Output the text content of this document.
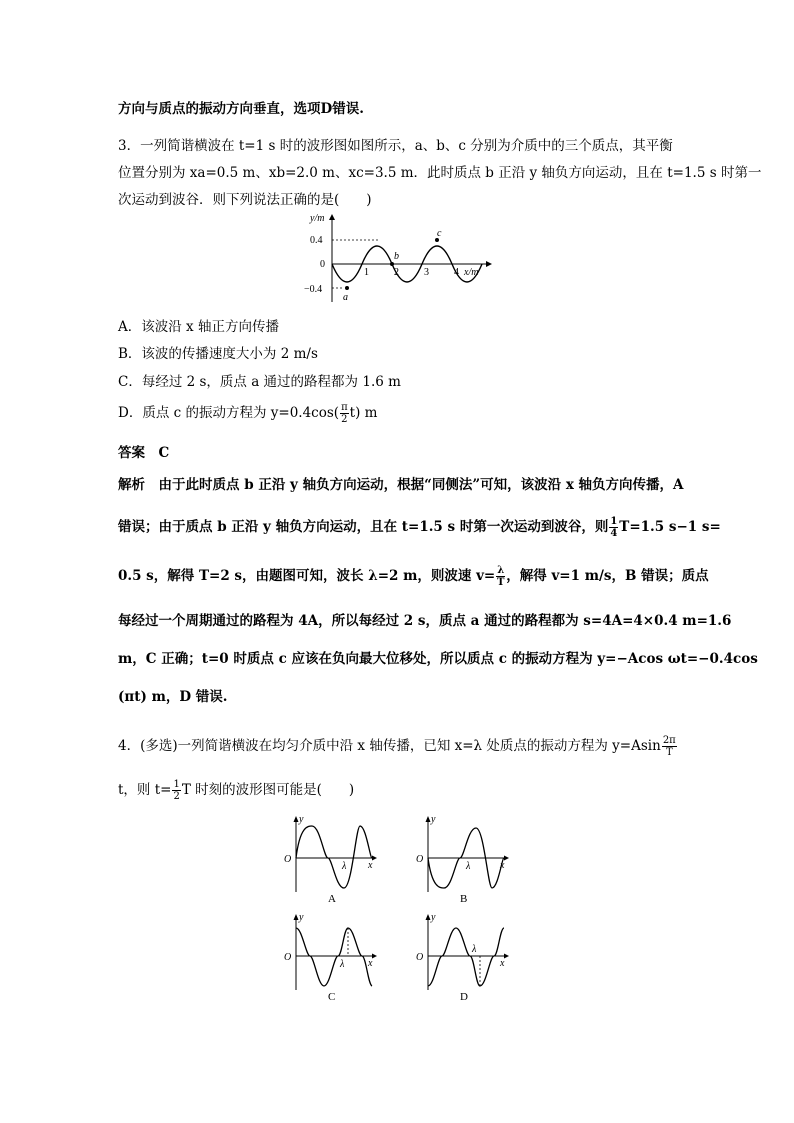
方向与质点的振动方向垂直，选项D错误.
3．一列简谐横波在 t=1 s 时的波形图如图所示，a、b、c 分别为介质中的三个质点，其平衡
位置分别为 xa=0.5 m、xb=2.0 m、xc=3.5 m．此时质点 b 正沿 y 轴负方向运动，且在 t=1.5 s 时第一
次运动到波谷．则下列说法正确的是(　　)
y/m
0.4
0
−0.4
1	2	3	4 x/m
a
b
c
A．该波沿 x 轴正方向传播
B．该波的传播速度大小为 2 m/s
C．每经过 2 s，质点 a 通过的路程都为 1.6 m
D．质点 c 的振动方程为 $y=0.4\cos( \frac{\pi}{2} t)$ m
答案　C
解析　由于此时质点 b 正沿 y 轴负方向运动，根据“同侧法”可知，该波沿 x 轴负方向传播，A
错误；由于质点 b 正沿 y 轴负方向运动，且在 t=1.5 s 时第一次运动到波谷，则 $\frac{1}{4} T=1.5$ s−1 s=
0.5 s，解得 T=2 s，由题图可知，波长 λ=2 m，则波速 $v= \frac{\lambda}{T}$ ，解得 v=1 m/s，B 错误；质点
每经过一个周期通过的路程为 4A，所以每经过 2 s，质点 a 通过的路程都为 s=4A=4×0.4 m=1.6
m，C 正确；t=0 时质点 c 应该在负向最大位移处，所以质点 c 的振动方程为 y=−Acos ωt=−0.4cos
(πt) m，D 错误.
4．(多选)一列简谐横波在均匀介质中沿 x 轴传播，已知 x=λ 处质点的振动方程为 $y=Asin \frac{2\pi}{T}$
t，则 $t= \frac{1}{2}$ T 时刻的波形图可能是(　　)
y
O
λ x
A
y
O
λ	x
B
y
O
λ x
C
y
O
λ
x
D
